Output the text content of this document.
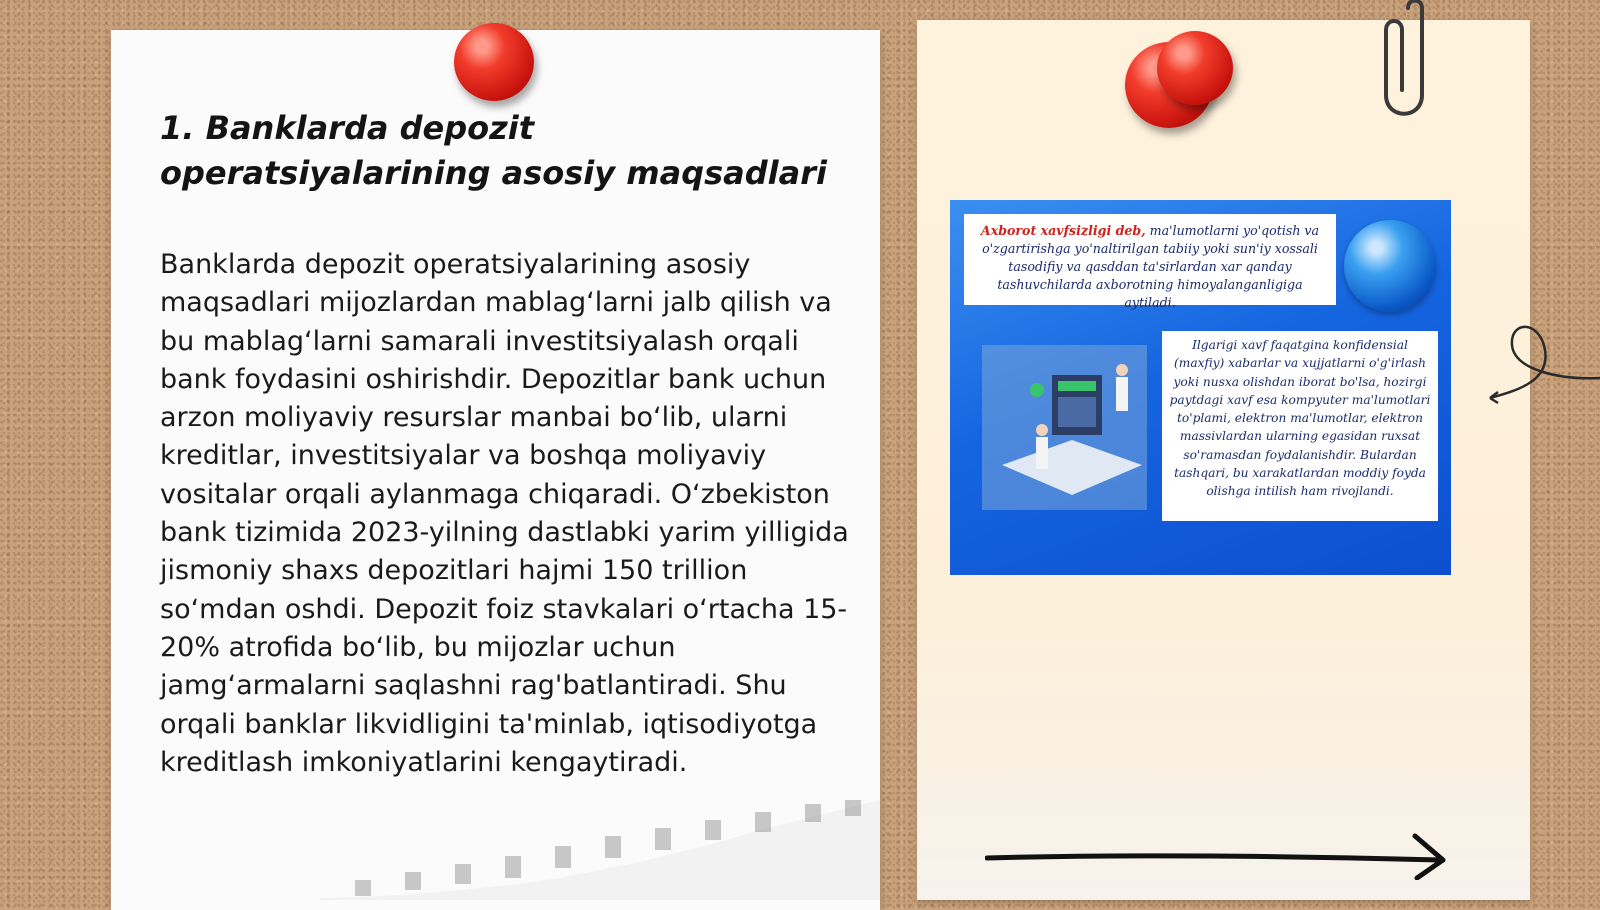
1. Banklarda depozit operatsiyalarining asosiy maqsadlari

Banklarda depozit operatsiyalarining asosiy maqsadlari mijozlardan mablagʻlarni jalb qilish va bu mablagʻlarni samarali investitsiyalash orqali bank foydasini oshirishdir. Depozitlar bank uchun arzon moliyaviy resurslar manbai boʻlib, ularni kreditlar, investitsiyalar va boshqa moliyaviy vositalar orqali aylanmaga chiqaradi. Oʻzbekiston bank tizimida 2023-yilning dastlabki yarim yilligida jismoniy shaxs depozitlari hajmi 150 trillion soʻmdan oshdi. Depozit foiz stavkalari oʻrtacha 15-20% atrofida boʻlib, bu mijozlar uchun jamgʻarmalarni saqlashni rag'batlantiradi. Shu orqali banklar likvidligini ta'minlab, iqtisodiyotga kreditlash imkoniyatlarini kengaytiradi.

Axborot xavfsizligi deb, ma'lumotlarni yo'qotish va o'zgartirishga yo'naltirilgan tabiiy yoki sun'iy xossali tasodifiy va qasddan ta'sirlardan xar qanday tashuvchilarda axborotning himoyalanganligiga aytiladi.
Ilgarigi xavf faqatgina konfidensial (maxfiy) xabarlar va xujjatlarni o'g'irlash yoki nusxa olishdan iborat bo'lsa, hozirgi paytdagi xavf esa kompyuter ma'lumotlari to'plami, elektron ma'lumotlar, elektron massivlardan ularning egasidan ruxsat so'ramasdan foydalanishdir. Bulardan tashqari, bu xarakatlardan moddiy foyda olishga intilish ham rivojlandi.
